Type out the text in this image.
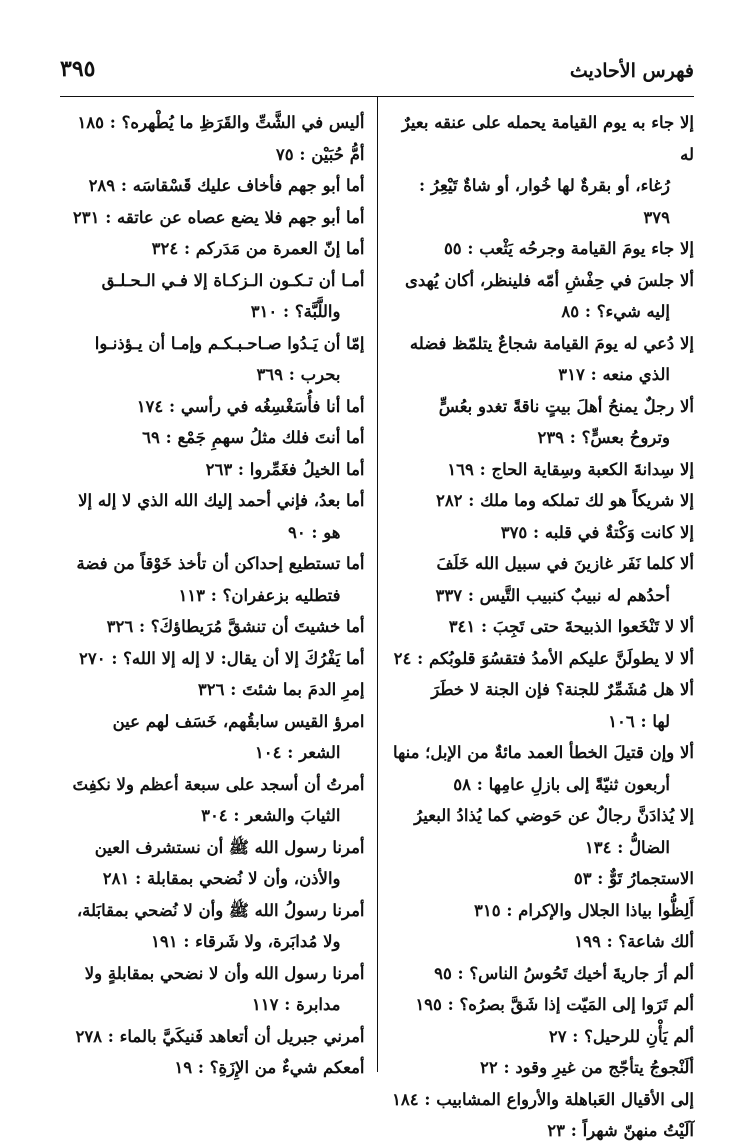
فهرس الأحاديث
٣٩٥
إلا جاء به يوم القيامة يحمله على عنقه بعيرٌ له
رُغاء، أو بقرةٌ لها خُوار، أو شاةٌ تَيْعِرُ : ٣٧٩
إلا جاء يومَ القيامة وجرحُه يَثْعب : ٥٥
ألا جلسَ في حِفْشِ أمّه فلينظر، أكان يُهدى
إليه شيء؟ : ٨٥
إلا دُعي له يومَ القيامة شجاعٌ يتلمّظ فضله
الذي منعه : ٣١٧
ألا رجلٌ يمنحُ أهلَ بيتٍ ناقةً تغدو بعُسٍّ
وتروحُ بعسٍّ؟ : ٢٣٩
إلا سِدانةَ الكعبة وسِقاية الحاج : ١٦٩
إلا شريكاً هو لك تملكه وما ملك : ٢٨٢
إلا كانت وَكْتةٌ في قلبه : ٣٧٥
ألا كلما نَفَر غازينَ في سبيل الله خَلَفَ
أحدُهم له نبيبٌ كنبيب التَّيس : ٣٣٧
ألا لا تَنْخَعوا الذبيحةَ حتى تَجِبَ : ٣٤١
ألا لا يطولَنَّ عليكم الأمدُ فتقسُوَ قلوبُكم : ٢٤
ألا هل مُشَمِّرٌ للجنة؟ فإن الجنة لا خطَرَ
لها : ١٠٦
ألا وإن قتيلَ الخطأ العمد مائةٌ من الإبل؛ منها
أربعون ثنيّةً إلى بازلِ عامِها : ٥٨
إلا يُذادَنَّ رجالٌ عن حَوضي كما يُذادُ البعيرُ
الضالُّ : ١٣٤
الاستجمارُ تَوٌّ : ٥٣
أَلِظُّوا بياذا الجلال والإكرام : ٣١٥
ألك شاعة؟ : ١٩٩
ألم أرَ جاريةَ أخيك تَحُوسُ الناس؟ : ٩٥
ألم تَرَوا إلى المَيّت إذا شَقَّ بصرُه؟ : ١٩٥
ألم يَأْنِ للرحيل؟ : ٢٧
ألَنْجوجُ يتأجّج من غيرِ وقود : ٢٢
إلى الأقيال العَباهلة والأرواع المشابيب : ١٨٤
آلَيْتُ منهنّ شهراً : ٢٣
أليس في الشَّتِّ والقَرَظِ ما يُطْهره؟ : ١٨٥
أمُّ حُبَيْن : ٧٥
أما أبو جهم فأخاف عليك قَسْقاسَه : ٢٨٩
أما أبو جهم فلا يضع عصاه عن عاتقه : ٢٣١
أما إنّ العمرة من مَدَركم : ٣٢٤
أمـا أن تـكـون الـزكـاة إلا فـي الـحـلـق
واللَّبَّة؟ : ٣١٠
إمّا أن يَـدُوا صـاحـبـكـم وإمـا أن يـؤذنـوا
بحرب : ٣٦٩
أما أنا فأُسَغْسِغُه في رأسي : ١٧٤
أما أنتَ فلك مثلُ سهمِ جَمْع : ٦٩
أما الخيلُ فغَمِّروا : ٢٦٣
أما بعدُ، فإني أحمد إليك الله الذي لا إله إلا
هو : ٩٠
أما تستطيع إحداكن أن تأخذ خَوْقاً من فضة
فتطليه بزعفران؟ : ١١٣
أما خشيتَ أن تنشقَّ مُرَيطاؤكَ؟ : ٣٢٦
أما يَفْرُكَ إلا أن يقال: لا إله إلا الله؟ : ٢٧٠
إمرِ الدمَ بما شئتَ : ٣٢٦
امرؤ القيس سابقُهم، خَسَف لهم عين
الشعر : ١٠٤
أمرتُ أن أسجد على سبعة أعظم ولا نكفِتَ
الثيابَ والشعر : ٣٠٤
أمرنا رسول الله ﷺ أن نستشرف العين
والأذن، وأن لا نُضحي بمقابلة : ٢٨١
أمرنا رسولُ الله ﷺ وأن لا نُضحي بمقابَلة،
ولا مُدابَرة، ولا شَرقاء : ١٩١
أمرنا رسول الله وأن لا نضحي بمقابلةٍ ولا
مدابرة : ١١٧
أمرني جبريل أن أتعاهد فَنيكَيَّ بالماء : ٢٧٨
أمعكم شيءٌ من الإِزَةِ؟ : ١٩
